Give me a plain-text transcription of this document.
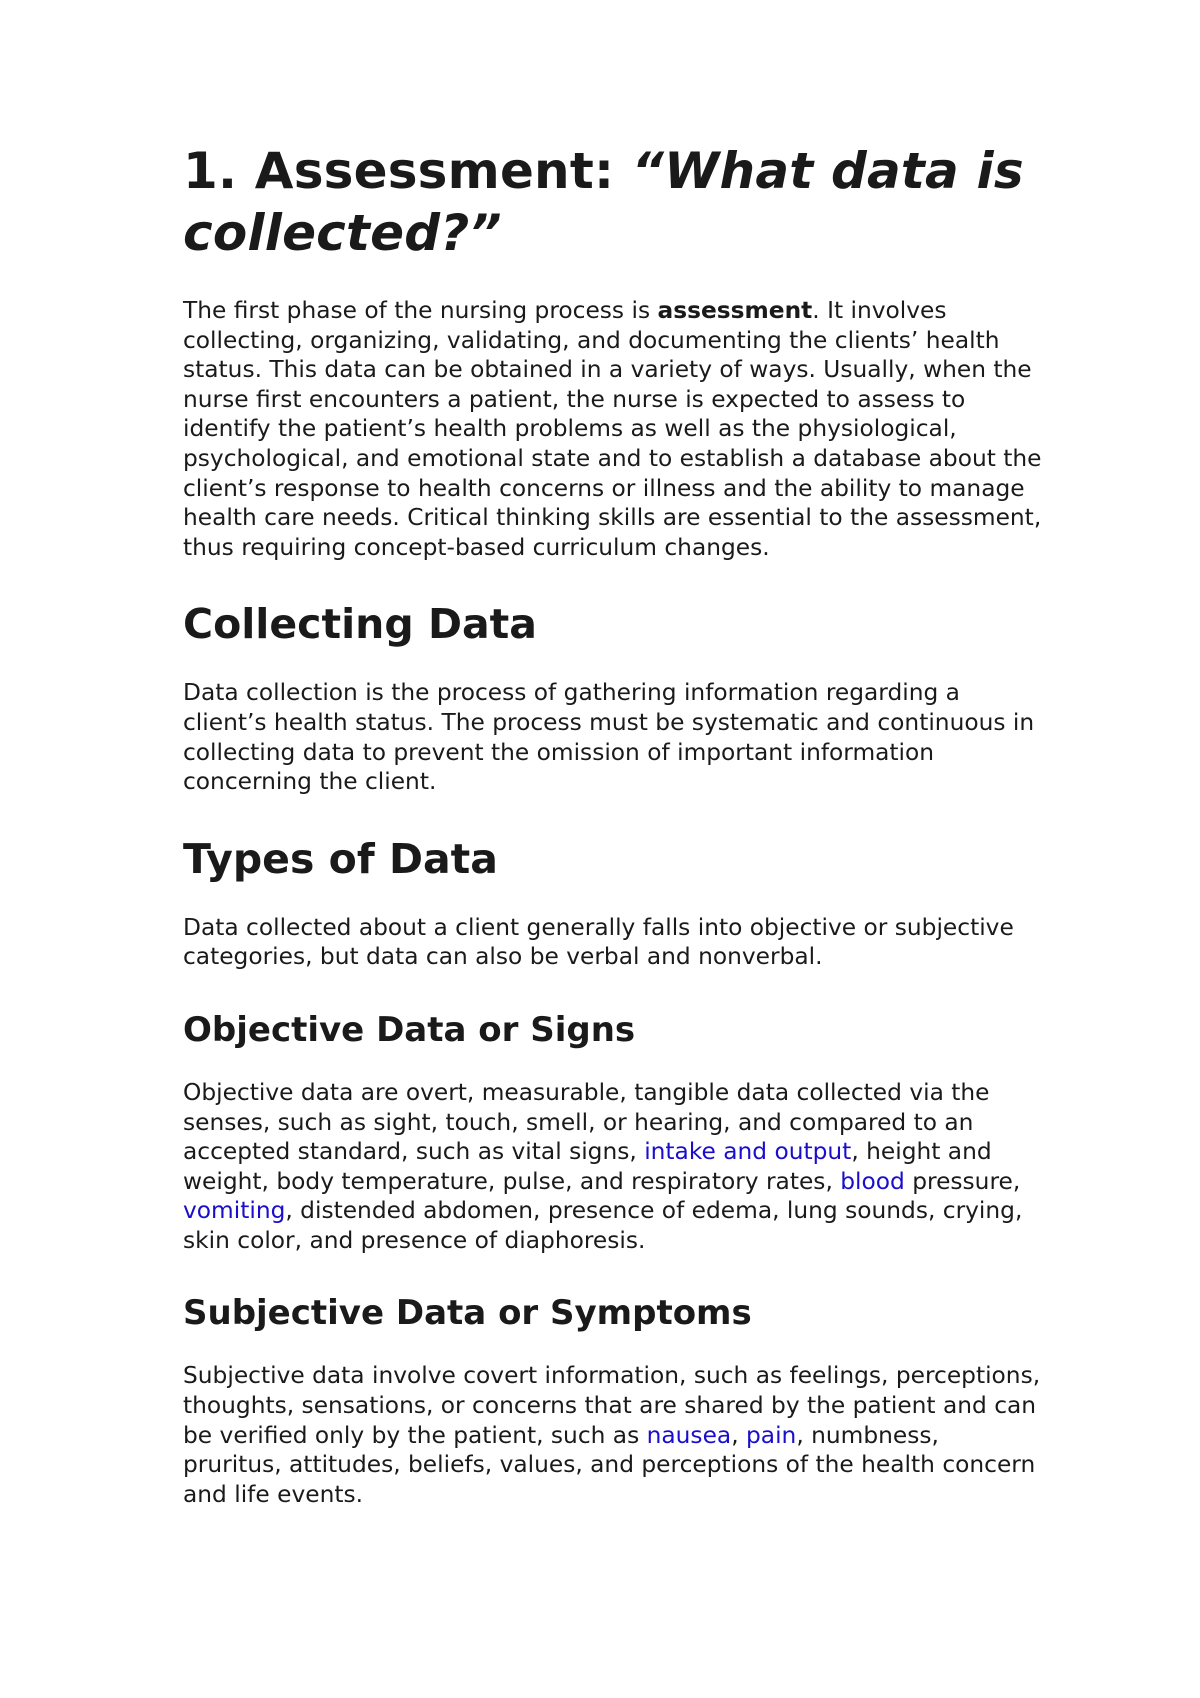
1. Assessment: “What data is collected?”

The first phase of the nursing process is assessment. It involves collecting, organizing, validating, and documenting the clients’ health status. This data can be obtained in a variety of ways. Usually, when the nurse first encounters a patient, the nurse is expected to assess to identify the patient’s health problems as well as the physiological, psychological, and emotional state and to establish a database about the client’s response to health concerns or illness and the ability to manage health care needs. Critical thinking skills are essential to the assessment, thus requiring concept-based curriculum changes.

Collecting Data

Data collection is the process of gathering information regarding a client’s health status. The process must be systematic and continuous in collecting data to prevent the omission of important information concerning the client.

Types of Data

Data collected about a client generally falls into objective or subjective categories, but data can also be verbal and nonverbal.

Objective Data or Signs

Objective data are overt, measurable, tangible data collected via the senses, such as sight, touch, smell, or hearing, and compared to an accepted standard, such as vital signs, intake and output, height and weight, body temperature, pulse, and respiratory rates, blood pressure, vomiting, distended abdomen, presence of edema, lung sounds, crying, skin color, and presence of diaphoresis.

Subjective Data or Symptoms

Subjective data involve covert information, such as feelings, perceptions, thoughts, sensations, or concerns that are shared by the patient and can be verified only by the patient, such as nausea, pain, numbness, pruritus, attitudes, beliefs, values, and perceptions of the health concern and life events.
